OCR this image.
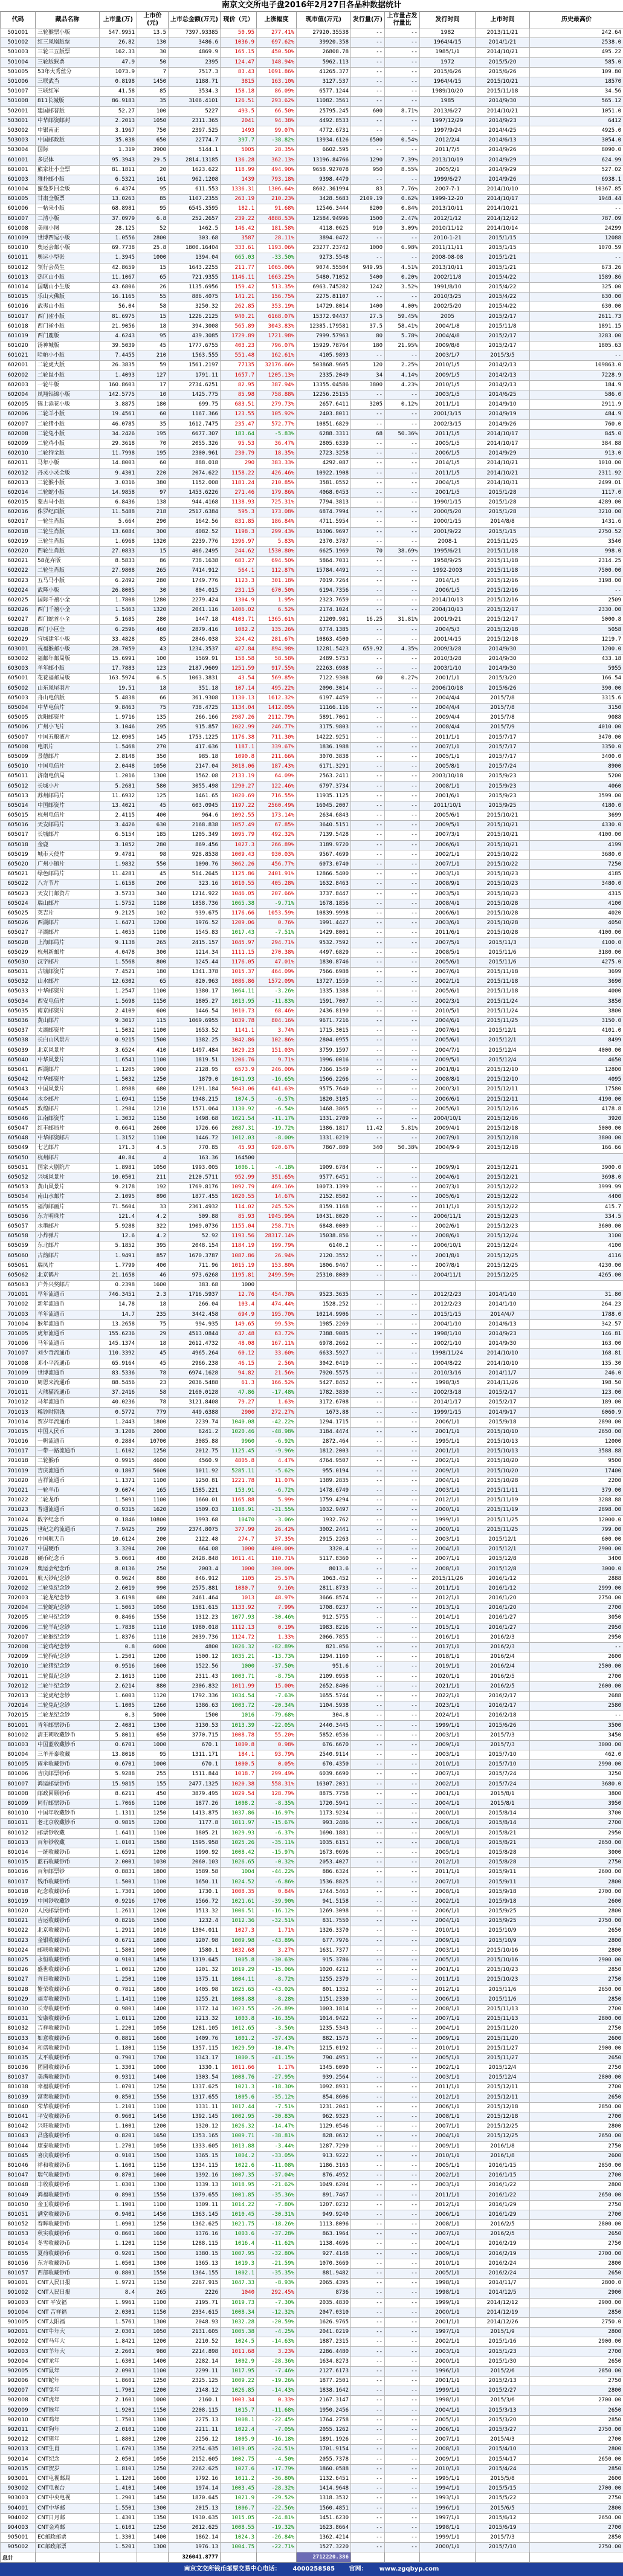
南京文交所电子盘2016年2月27日各品种数据统计
代码	藏品名称	上市量(万)	上市价(元)	上市总金额(万元)	现价（元）	上涨幅度	现市值(万元)	发行量(万)	上市量占发行量比	发行时间	上市时间	历史最高价
501001	三轮猴票小版	547.9951	13.5	7397.93385	50.95	277.41%	27920.35538	--	--	1982	2013/11/21	242.64
501002	红三凤凰版票	26.82	130	3486.6	1036.9	697.62%	39920.358	--	--	1964/4/15	2014/1/21	2538.0
501003	三轮三五版票	162.33	30	4869.9	165.15	450.50%	26808.78	--	--	1985/1/1	2014/10/21	495.22
501004	三轮版猴票	47.9	50	2395	124.47	148.94%	5962.113	--	--	1972	2015/5/20	585.0
501005	53年大秀丝分	1073.9	7	7517.3	83.43	1091.86%	41265.377	--	--	2015/6/26	2015/6/26	109.80
501006	三联武当	0.8198	1450	1188.71	3815	163.10%	3127.537	--	--	1964/4/15	2015/10/21	18570
501007	三联红军	41.58	85	3534.3	158.18	86.09%	6577.1244	--	--	1989/10/20	2015/11/18	34.56
501008	811长城版	86.9183	35	3106.4101	126.51	293.62%	11082.3561	--	--	1985	2014/9/30	565.12
502001	建国邮普版	52.27	100	5227	493.5	66.50%	25795.245	600	8.71%	2013/6/27	2014/10/21	1051.0
503001	中华邮资邮封	2.2013	1050	2311.365	2041	94.38%	4492.8533	--	--	1997/12/29	2014/9/23	6412
503002	中银南正	3.1967	750	2397.525	1493	99.07%	4772.6731	--	--	1997/9/24	2014/4/25	4925.0
503003	中国邮政版	35.038	650	22774.7	397.7	-38.82%	13934.6126	6500	0.54%	2012/2/4	2014/6/13	3054.0
503004	国际	1.319	3900	5144.1	5005	28.35%	6602.595	--	--	2011/7/5	2014/9/26	8090.0
601001	多层体	95.3943	29.5	2814.13185	136.28	362.13%	13196.84766	1290	7.39%	2013/10/19	2014/9/29	624.99
601001	熊家壮小全票	81.1811	20	1623.622	118.99	494.90%	9658.927078	950	8.55%	2005/2/1	2014/9/29	527.02
601003	雅扑邮小版	6.5321	161	962.1208	1439	793.18%	9398.4479	--	--	1999/6/27	2014/9/26	6938.1
601004	蜜曼罗回全版	6.4374	95	611.553	1336.31	1306.64%	8602.361994	83	7.76%	2007-7-1	2014/10/10	10367.85
601005	甘肃全版票	13.0263	85	1107.2355	263.19	210.23%	3428.5683	2109.19	0.62%	1999-12-20	2014/10/17	1948.44
601006	一帖来小版	68.8981	95	6545.3595	182.1	91.68%	12546.3444	8200	0.84%	2013/10/11	2014/10/21	--
601007	二清小版	37.0979	6.8	252.2657	239.22	4888.53%	12584.94996	1500	2.47%	2012/1/12	2014/12/12	787.09
601008	美丽小图	28.125	52	1462.5	146.42	181.58%	4118.0625	910	3.09%	2010/11/12	2014/10/14	24299
601009	世博四逗小版	1.0556	2800	303.68	3587	28.11%	3894.0472	--	--	2010-1-21	2015/1/15	12088
601010	奥运会邮小版	69.7738	25.8	1800.16404	333.61	1193.06%	23277.23742	1000	6.98%	2011/11/11	2015/1/15	1070.59
601011	奥运小型张	1.3945	1000	1394.04	665.03	-33.50%	9273.5548	--	--	2008-08-08	2015/1/21	--
601012	领行会员生	42.8659	15	1643.2255	211.77	1065.06%	9074.55504	949.95	4.51%	2013/10/11	2015/1/21	673.26
601013	热区山小版	11.1067	65	721.9355	1146.11	1663.25%	5480.71052	5400	0.20%	2002/11/8	2015/4/22	1589.86
601014	国曙山小生版	43.6806	26	1135.6956	159.42	513.35%	6963.745282	1242	3.52%	1991/8/10	2015/4/22	325.00
601015	乐山大佛版	16.1165	55	886.4075	141.21	156.75%	2275.81107	--	--	2010/3/25	2015/4/22	630.00
601016	武夷山小版	56.04	58	3250.32	262.85	353.19%	14729.8014	1400	4.00%	2002/5/20	2015/4/22	630.00
601017	西门雀小版	81.6975	15	1226.2125	940.21	6168.07%	15372.94437	27.5	59.45%	2005	2015/2/17	2611.73
601018	西门雀小版	21.9056	18	394.3008	565.89	3043.83%	12385.179581	37.5	58.41%	2004/1/8	2015/11/8	1891.15
601019	西门鹿版	4.6243	95	439.3085	1729.89	1721.98%	7999.57963	80	5.78%	2004/4/8	2015/2/17	3283.00
601020	汤神城版	39.5039	45	1777.6755	403.23	796.07%	15929.78764	180	21.95%	2009/8/8	2015/2/17	1805.63
601021	哈帕小小版	7.4455	210	1563.555	551.48	162.61%	4105.9893	--	--	2003/1/7	2015/3/5	--
602001	二轮虎大版	26.3835	59	1561.2197	77135	32176.66%	503868.9605	120	2.25%	2010/1/5	2014/2/13	109863.0
602002	二轮鼠小版	1.4093	127	1791.11	1657.7	1205.13%	2335.2049	34	4.14%	2009/1/5	2014/2/13	7228.9
602003	一轮牛版	160.8603	17	2734.6251	82.95	387.94%	13355.04586	3800	4.23%	2010/1/5	2014/2/13	184.9
602004	凤翔铝锦小版	142.5775	10	1425.775	85.98	758.88%	12256.25155	--	--	2003/1/5	2014/6/25	586.0
602005	锦上添花小版	3.8875	180	699.75	683.51	279.73%	2657.6411	3205	0.12%	2011/1/1	2014/9/10	2911.9
602006	二轮羊小版	19.4561	60	1167.366	123.55	105.92%	2403.8011	--	--	2001/3/15	2014/9/19	484.9
602007	二轮猪小版	46.0785	35	1612.7475	235.47	572.77%	10851.6829	--	--	2002/3/15	2014/9/26	760.0
602008	二轮兔小版	34.2426	195	6677.307	183.64	-5.83%	6288.3311	68	50.36%	2011/1/5	2014/10/17	845.0
602009	二轮鸡小版	29.3618	70	2055.326	95.53	36.47%	2805.6339	--	--	2005/1/5	2014/10/17	384.88
602010	二轮狗全版	11.7998	195	2300.961	230.79	18.35%	2723.3258	--	--	2006/1/5	2014/9/29	913.0
602011	马年小版	14.8003	60	888.018	290	383.33%	4292.087	--	--	2014/1/5	2014/10/21	1010.00
602012	丹灵小灵全版	9.4301	220	2074.622	1158.22	426.46%	10922.1908	--	--	2011/1/5	2014/10/21	2311.92
602013	二轮猴小版	3.0316	380	1152.008	1181.24	210.85%	3581.0552	--	--	2004/1/5	2014/10/31	2499.01
602014	二轮蛇小版	14.9858	97	1453.6226	271.46	179.86%	4068.0453	--	--	2001/1/5	2015/1/28	1117.0
602015	蒙古马小版	6.8436	138	944.4168	1138.93	725.31%	7794.3813	--	--	1990/1/15	2015/1/28	4289.00
602016	侏罗纪面版	11.5488	218	2517.6384	595.3	173.08%	6874.7994	--	--	2000/5/20	2015/1/28	3210.00
602017	一轮生肖版	5.664	290	1642.56	831.85	186.84%	4711.5954	--	--	2000/1/15	2014/8/8	1431.6
602018	二轮生肖版	13.6084	300	4082.52	1198.3	299.43%	16306.9697	--	--	2001/9/22	2015/1/15	2750.52
602019	三轮生肖版	1.6968	1320	2239.776	1396.97	5.83%	2370.3787	--	--	2008-1	2015/11/25	3540
602020	四轮生肖版	27.0833	15	406.2495	244.62	1530.80%	6625.1969	70	38.69%	1995/6/21	2015/11/18	998.0
602021	58花卉版	8.5833	86	738.1638	683.27	694.50%	5864.7031	--	--	1958/9/25	2015/11/18	2314.25
602022	二轮生肖版	27.9808	265	7414.912	564.1	112.87%	15784.4491	--	--	1992-2003	2015/11/18	7500.00
602023	五马马小版	6.2492	280	1749.776	1123.3	301.18%	7019.7264	--	--	2014/1/5	2015/12/16	3198.00
602024	武隆小版	26.8005	30	804.015	231.15	670.50%	6194.7356	--	--	2006/1/5	2015/12/16	--
602025	国际千禧小全	1.7808	1280	2279.424	1304.9	1.95%	2323.7659	--	--	2014/10/13	2015/12/16	2509
602026	西门千禧小全	1.5463	1320	2041.116	1406.02	6.52%	2174.1024	--	--	2004/10/13	2015/12/17	2330.00
602027	西门蛇首小全	5.1685	280	1447.18	4103.71	1365.61%	21209.981	16.25	31.81%	2001/9/21	2015/12/17	5000.8
602028	西门小巨全	6.2596	460	2879.416	1082.2	135.26%	6774.1385	--	--	2004/5/3	2015/12/18	5058
602029	宜城建年小版	33.4828	85	2846.038	324.42	281.67%	10863.4500	--	--	2001/4/15	2015/12/18	1219.7
603001	祝福猴邮小版	28.7059	43	1234.3537	427.84	894.98%	12281.5423	659.92	4.35%	2009/3/28	2014/9/30	1200.0
603002	福邮年邮局版	15.6991	100	1569.91	158.58	58.58%	2489.5753	--	--	2010/3/28	2014/9/30	433.18
603003	羊年邮小版	17.7883	123	2187.9609	1251.59	917.55%	22263.6988	--	--	2003/1/10	2014/9/30	5955
605001	花花福邮局版	163.5974	6.5	1063.3831	43.54	569.85%	7122.9308	60	0.27%	2001/1/1	2015/3/20	166.54
605002	山东凤尾羽片	19.51	18	351.18	107.14	495.22%	2090.3014	--	--	2006/10/18	2015/6/26	390.00
605003	舟山电信版	5.4838	66	361.9308	1130.13	1612.32%	6197.4459	--	--	2004/4/4	2015/7/8	3315.6
605004	中华电信片	9.8463	75	738.4725	1134.04	1412.05%	11166.116	--	--	2004/4/4	2015/7/8	3150
605005	沈阳邮资片	1.9716	135	266.166	2987.26	2112.79%	5891.7061	--	--	2009/4/4	2015/7/8	9088
605006	广州小飞片	3.1046	295	915.857	1022.99	246.77%	3175.9803	--	--	2008/4/4	2015/7/9	4010.00
605007	中国五粮液片	12.0905	145	1753.1225	1176.38	711.30%	14222.9251	--	--	2011/1/1	2015/7/17	3470.00
605008	电讯片	1.5468	270	417.636	1187.1	339.67%	1836.1988	--	--	2007/1/1	2015/7/17	3350.0
605009	景德邮片	2.8148	350	985.18	1090.8	211.66%	3070.3838	--	--	2005/1/1	2015/7/17	3400.0
605010	中国电信片	2.0448	1050	2147.04	3018.06	187.43%	6171.3291	--	--	2005/8/1	2015/7/24	8900
605011	济南电信局	1.2016	1300	1562.08	2133.19	64.09%	2563.2411	--	--	2003/10/18	2015/9/23	5200
605012	长城小片	5.2681	580	3055.498	1290.27	122.46%	6797.3734	--	--	2008/1/1	2015/9/23	4060
605013	苏州邮局片	11.6932	125	1461.65	1020.69	716.55%	11935.1125	--	--	2001/6/1	2015/9/23	3599.00
605014	中国邮资片	13.4021	45	603.0945	1197.22	2560.49%	16045.2007	--	--	2011/10/1	2015/9/25	4180.0
605015	杭州电信片	2.4115	400	964.6	1092.55	173.14%	2634.6843	--	--	2005/6/1	2015/10/21	3699
605016	天安邮局片	3.4426	630	2168.838	1057.49	67.85%	3640.5151	--	--	2009/5/1	2015/10/21	4330.0
605017	长城邮片	6.5154	185	1205.349	1095.79	492.32%	7139.5428	--	--	2007/3/1	2015/10/21	4100.00
605018	金鹿	3.1052	280	869.456	1027.3	266.89%	3189.9720	--	--	2006/6/1	2015/10/21	4199
605019	城市天使片	9.4781	98	928.8538	1009.43	930.03%	9567.4699	--	--	2002/1/1	2015/10/22	3680.0
605020	广州小镇片	1.9832	550	1090.76	3062.26	456.77%	6073.0740	--	--	2007/1/1	2015/10/22	7250
605021	绿色邮局片	11.4281	45	514.2645	1125.86	2401.91%	12866.5400	--	--	2003/1/1	2015/10/23	4185
605022	八方节片	1.6158	200	323.16	1010.55	405.28%	1632.8463	--	--	2008/9/1	2015/10/23	3480.0
605023	天安门邮资片	3.5733	340	1214.922	1046.05	207.66%	3737.8447	--	--	2003/5/1	2015/10/23	4315
605024	瑞山邮片	1.5752	1180	1858.736	1065.38	-9.71%	1678.1856	--	--	2008/4/1	2015/10/28	4100
605025	英吉片	9.2125	102	939.675	1176.66	1053.59%	10839.9998	--	--	2006/6/1	2015/10/28	4020
605026	西湖邮片	1.6471	1200	1976.52	1209.06	0.76%	1991.4427	--	--	2003/6/1	2015/10/28	4050
605027	平湖邮片	1.4053	1100	1545.83	1017.43	-7.51%	1429.8001	--	--	2011/6/1	2015/10/28	4100.00
605028	上海邮局片	9.1138	265	2415.157	1045.97	294.71%	9532.7592	--	--	2007/5/1	2015/11/3	4100.0
605029	杭州新邮片	4.0478	300	1214.34	1111.15	270.38%	4497.6829	--	--	2008/5/1	2015/11/6	3180.00
605030	汉字邮片	1.5568	800	1245.44	1176.05	47.01%	1830.8746	--	--	2005/6/1	2015/11/6	4275.0
605031	古城邮资片	7.4521	180	1341.378	1015.37	464.09%	7566.6988	--	--	2007/6/1	2015/11/18	3699
605032	山水邮片	12.6302	65	820.963	1086.86	1572.09%	13727.1559	--	--	2002/1/1	2015/11/18	3690
605033	中华邮资片	1.2547	1100	1380.17	1064.11	-3.26%	1335.1388	--	--	2005/6/1	2015/11/18	4000
605034	西安电信片	1.5698	1150	1805.27	1013.95	-11.83%	1591.7007	--	--	2002/3/1	2015/11/24	3850
605035	南京邮资片	2.4109	600	1446.54	1010.73	68.46%	2436.8190	--	--	2010/5/1	2015/11/24	3800
605036	黄山邮片	9.3017	115	1069.6955	1039.78	804.16%	9671.7216	--	--	2004/6/1	2015/11/25	3150.0
605037	太湖邮资片	1.5032	1100	1653.52	1141.1	3.74%	1715.3015	--	--	2007/6/1	2015/12/1	4101.0
605038	长白山风景片	0.9215	1500	1382.25	3042.86	102.86%	2804.0955	--	--	2005/6/1	2015/12/1	8499
605039	北京风景片	3.6524	410	1497.484	1029.23	151.03%	3759.1597	--	--	2004/7/1	2015/12/4	4000.00
605040	中华风景片	1.6541	1100	1819.51	1206.76	9.71%	1996.0016	--	--	2009/5/1	2015/12/4	4650
605041	西湖邮片	1.1205	1900	2128.95	6573.9	246.00%	7366.1549	--	--	2001/8/1	2015/12/10	12800
605042	中华邮资片	1.5032	1250	1879.0	1041.93	-16.65%	1566.2266	--	--	2008/8/1	2015/12/10	4095
605043	中国风景片	1.8988	680	1291.184	5043.06	641.63%	9575.7640	--	--	2000/3/1	2015/12/11	17580
605044	水乡邮片	1.6941	1150	1948.215	1074.5	-6.57%	1820.3105	--	--	2006/6/1	2015/12/11	4190.00
605045	敦煌邮片	1.2984	1210	1571.064	1130.92	-6.54%	1468.3865	--	--	2005/6/1	2015/12/16	4178.8
605046	江南邮资片	1.3032	1150	1498.68	1021.54	-11.17%	1331.2709	--	--	2004/10/1	2015/12/16	3920
605047	红丰邮局片	0.6641	2600	1726.66	2087.31	-19.72%	1386.1817	11.42	5.81%	2009/4/1	2015/12/18	5000.00
605048	中华邮资邮片	1.3152	1100	1446.72	1012.03	-8.00%	1331.0219	--	--	2007/9/1	2015/12/18	3800.00
605049	七艺邮片	171.3	4.5	770.85	45.93	920.67%	7867.809	340	50.38%	2004/9-9	2015/12/18	166.66
605050	杭州邮片	40.84	4	163.36	164500							
605051	国家大剧院片	1.8981	1050	1993.005	1006.1	-4.18%	1909.6784	--	--	2009/9/1	2015/12/21	3900.0
605052	兴城风景片	10.0501	211	2120.5711	952.99	351.65%	9577.6451	--	--	2004/6/1	2015/12/21	3698.0
605053	黄山风景片	9.2178	192	1769.8176	1092.79	469.16%	10073.1399	--	--	2007/3/1	2015/12/22	3999.99
605054	南山水邮片	2.1095	890	1877.455	1020.55	14.67%	2152.8502	--	--	2005/6/1	2015/12/22	4400
605055	福海邮画片	71.5604	33	2361.4932	114.02	245.52%	8159.1168	--	--	2011/1/1	2015/12/22	415.7
605056	东方明珠片	121.4	4.2	509.88	85.93	1945.95%	10431.8020	--	--	2006/11/1	2015/12/23	334.5
605057	水墨邮片	5.9288	322	1909.0736	1155.04	258.71%	6848.0009	--	--	2002/6/1	2015/12/23	3600.00
605058	小炸弹片	12.6	4.2	52.92	1193.56	28317.14%	15038.856	--	--	2008/6/1	2015/12/24	3100
605059	东北邮片	5.1852	395	2048.154	1184.19	199.79%	6140.2	--	--	2006/10/1	2015/12/24	4100
605060	古韵邮片	1.9491	857	1670.3787	1087.86	26.94%	2120.3552	--	--	2001/8/1	2015/12/25	4116
605061	瑞凤片	1.7799	400	711.96	1015.19	153.80%	1806.9467	--	--	2007/8/1	2015/12/25	4230.00
605062	北京鹤片	21.1658	46	973.6268	1195.81	2499.59%	25310.8089	--	--	2004/11/1	2015/12/25	4265.00
605063	户外兴奖邮片	0.2398	1600	383.68	1000							
701001	早年流通币	746.3451	2.3	1716.5937	12.76	454.78%	9523.3635	--	--	2012/2/23	2014/1/10	31.80
701002	新年流通币	14.78	18	266.04	103.4	474.44%	1528.252	--	--	2012/2/23	2014/1/10	264.23
701003	羊年流通币	14.7	235	3442.458	694.9	195.70%	10214.9906	--	--	2015/1/15	2014/4/7	1788.0
701004	猴年流通币	13.2658	75	994.935	149.65	99.53%	1985.2269	--	--	2004/1/10	2014/6/13	342.57
701005	虎年流通币	155.6236	29	4513.0844	47.48	63.72%	7388.9085	--	--	1998/1/10	2014/9/23	146.81
701006	马年流通币	145.1374	18	2612.4732	48.08	167.11%	6978.2662	--	--	2002/1/10	2014/9/30	163.00
701007	刘少奇流通币	110.3392	45	4965.264	60.12	33.60%	6633.5927	--	--	1998/11/24	2014/10/10	168.81
701008	邓小平流通币	65.9164	45	2966.238	46.15	2.56%	3042.0419	--	--	2004/8/22	2014/10/10	135.30
701009	世博流通币	83.5336	78	6974.1628	94.82	21.56%	7920.5575	--	--	2010/3/16	2014/11/7	246.0
701010	周恩来流通币	88.5456	23	2036.5488	61.3	166.52%	5427.8452	--	--	1998/3/5	2014/11/26	198.50
701011	大熊猫流通币	37.2416	58	2160.0128	47.86	-17.48%	1782.3830	--	--	2002/3/18	2015/2/17	123.00
701012	马年流通币	40.0236	78	3121.8408	79.27	1.63%	3172.6708	--	--	2014/1/17	2015/2/17	189.00
701013	稀钞时期钱	0.5772	779	449.6388	2900	272.27%	1673.88	--	--	1999/1/15	2014/9/17	6060.9
701014	贺岁年流通币	1.2443	1800	2239.74	1040.08	-42.22%	1294.1715	--	--	2006/1/1	2015/9/18	2890.00
701015	中国人民币	3.1206	2000	6241.2	1020.46	-48.98%	3184.4474	--	--	2001/1/1	2015/10/10	2650.00
701016	一帆流通币	0.2884	10700	3085.88	9960	-6.92%	2872.464	--	--	1995/1/1	2015/10/13	12000
701017	一带一路流通币	1.6102	1250	2012.75	1125.45	-9.96%	1812.2003	--	--	2001/1/1	2015/10/13	3588.88
701018	二轮猴币	0.9915	4600	4560.9	4805.8	4.47%	4764.9507	--	--	2002/1/1	2015/10/20	9500
701019	吉庆流通币	0.1807	5600	1011.92	5285.11	-5.62%	955.0194	--	--	2009/1/1	2015/10/20	17400
701020	吉祥流通币	1.1371	1100	1250.81	1221.78	11.07%	1389.2835	--	--	2004/1/1	2015/10/28	2200
701021	一轮羊币	9.6074	165	1585.221	153.91	-6.72%	1478.6749	--	--	2003/1/1	2015/11/11	379.00
701022	二轮龙币	1.5091	1100	1660.01	1165.88	5.99%	1759.4294	--	--	2012/1/1	2015/11/19	3288.88
701023	普通流通币	0.9315	1620	1509.03	1108.91	-31.55%	1032.9497	--	--	2000/1/1	2015/11/19	2898.00
701024	数字纪念币	0.1846	10800	1993.68	10470	-3.06%	1932.762	--	--	1999/1/1	2015/11/25	12000.0
701025	世纪之约流通币	7.9425	299	2374.8075	377.99	26.42%	3002.2441	--	--	2000/1/1	2015/11/25	799.00
701026	中国航天币	10.6124	200	2122.48	274.7	37.35%	2915.2263	--	--	2003/1/1	2015/12/1	600.00
701027	中国硬币	3.3204	200	664.08	1000	400.00%	3320.4	--	--	2004/1/1	2015/12/1	2900.00
701028	硬币纪念币	5.0601	480	2428.848	1011.41	110.71%	5117.8360	--	--	2007/1/1	2015/12/8	3400
701029	奥运会纪念币	8.0136	250	2003.4	1000	300.00%	8013.6	--	--	2008/1/1	2015/12/8	3000.0
702001	航天钞纪念钞	0.9624	880	846.912	1105	25.57%	1063.452	--	--	2015/11/26	2016/1/12	2888
702002	二轮兔纪念钞	2.6019	990	2575.881	1080.7	9.16%	2811.8733	--	--	2011/1/1	2016/1/12	2999.00
702003	二轮龙纪念钞	3.6198	680	2461.464	1013	48.97%	3666.8574	--	--	2012/1/1	2016/1/20	2750.00
702004	二轮蛇纪念钞	1.5063	1050	1581.615	1133.92	7.99%	1708.0237	--	--	2013/1/1	2016/1/20	2700
702005	二轮马纪念钞	0.8466	1550	1312.23	1077.93	-30.46%	912.5755	--	--	2014/1/1	2016/1/27	3050
702006	二轮羊纪念钞	1.7838	1110	1980.018	1112.13	0.19%	1983.8216	--	--	2015/1/1	2016/1/27	2950
702007	二轮猴纪念钞	1.8376	1110	2039.736	1124.72	1.33%	2066.7855	--	--	2016/1/1	2016/2/3	2950
702008	二轮鸡纪念钞	0.8	6000	4800	1026.32	-82.89%	821.056	--	--	2017/1/1	2016/2/3	--
702009	二轮狗纪念钞	1.2501	1200	1500.12	1035.21	-13.73%	1294.1160	--	--	2018/1/1	2016/2/4	2600
702010	二轮猪纪念钞	0.9516	1600	1522.56	1000	-37.50%	951.6	--	--	2019/1/1	2016/2/4	2500.00
702011	二轮鼠纪念钞	2.1013	1100	2311.43	1003.71	-8.75%	2109.0958	--	--	2020/1/1	2016/2/5	2700
702012	二轮牛纪念钞	2.6214	880	2306.832	1011.99	15.00%	2652.8406	--	--	2021/1/1	2016/2/5	2600.00
702013	二轮虎纪念钞	1.6003	1120	1792.336	1034.54	-7.63%	1655.5744	--	--	2022/1/1	2016/2/17	2688
702014	二轮兔纪念钞	1.1005	1260	1386.63	1003.72	-20.34%	1104.5938	--	--	2023/1/1	2016/2/17	2580
702015	二轮龙纪念钞	0.3	5000	1500	1016	-79.68%	304.8	--	--	2024/1/1	2016/2/18	--
801001	青年邮票钞币	2.4081	1300	3130.53	1013.39	-22.05%	2440.3445	--	--	1999/1/1	2015/6/26	3500
801002	清王朝收藏钞币	5.8011	650	3770.715	1008.78	55.20%	5852.0536	--	--	2003/1/1	2015/7/3	3450
801003	中国蓝收藏钞币	0.6701	1000	670.1	1009.8	0.98%	676.6670	--	--	2009/1/1	2015/7/3	3000.00
801004	三羊开泰收藏	13.8018	95	1311.171	184.1	93.79%	2540.9114	--	--	2003/1/1	2015/7/10	462.0
801005	雨伞收藏钞币	0.6701	1000	670.1	1000.5	0.05%	670.4350	--	--	2010/1/1	2015/7/10	2990.00
801006	吉庆邮票钞币	5.9288	255	1511.844	1018.7	299.49%	6039.6690	--	--	2007/1/1	2015/7/24	3250
801007	鸿运邮票钞币	15.9815	155	2477.1325	1020.38	558.31%	16307.2031	--	--	2002/1/1	2015/7/24	3680.0
801008	邮政回顾钞币	8.6211	450	3879.495	1029.54	128.79%	8875.7758	--	--	2001/1/1	2015/8/1	3800
801009	同行邮票钞币	1.7066	1100	1877.26	1008.2	-8.35%	1720.5941	--	--	2004/1/1	2015/8/1	3950
801010	中国年收藏钞币	1.1311	1250	1413.875	1037.86	-16.97%	1173.9234	--	--	2000/1/1	2015/8/14	3700
801011	老北京收藏钞币	0.9815	1200	1177.8	1011.97	-15.67%	993.2486	--	--	2006/1/1	2015/8/14	2700
801012	邮票钞收藏	1.6411	1100	1805.21	1029.93	-6.37%	1690.1881	--	--	2009/1/1	2015/8/21	2950
801013	百年钞收藏	1.0101	1580	1595.958	1025.26	-35.11%	1035.6151	--	--	2008/1/1	2015/8/21	2650.00
801014	一统收藏钞币	1.6591	1200	1990.92	1008.42	-15.97%	1673.0696	--	--	2005/1/1	2015/8/28	3000
801015	蓝石收藏钞币	2.0001	1030	2060.103	1026.65	-0.32%	2053.4027	--	--	2012/1/1	2015/8/28	2750
801016	百年邮票钞	0.8831	1800	1589.58	1004	-44.22%	886.6324	--	--	2011/1/1	2015/9/11	2600.00
801017	钱币收藏钞币	1.5001	1100	1650.11	1024.52	-6.86%	1536.8825	--	--	2007/1/1	2015/9/11	2800
801018	纪念收藏钞币	1.7301	1000	1730.1	1008.35	0.84%	1744.5463	--	--	2008/1/1	2015/9/18	2700.00
801019	中国钞收藏钞	0.9216	1700	1566.72	1021.61	-39.90%	941.5158	--	--	2002/1/1	2015/9/18	2600
801020	人民邮票钞币	1.2611	1200	1513.32	1006.51	-16.12%	1269.3098	--	--	2006/1/1	2015/9/25	2800
801021	吉运收藏钞币	0.8216	1500	1232.4	1012.36	-32.51%	831.7550	--	--	2004/1/1	2015/9/25	2750.00
801022	北京收藏钞币	1.2911	1010	1304.011	1027.3	1.71%	1326.3370	--	--	2010/1/1	2015/10/9	2650
801023	金银收藏钞币	0.6711	1800	1207.98	1009.98	-43.89%	677.7976	--	--	2009/1/1	2015/10/9	2800
801024	邮联收藏钞币	1.5801	1000	1580.1	1032.68	3.27%	1631.7377	--	--	2003/1/1	2015/10/16	2800
801025	永恒收藏钞币	0.9101	1450	1319.645	1005.8	-30.63%	915.3786	--	--	2005/1/1	2015/10/16	2900.00
801026	盛世收藏钞币	1.0011	1200	1201.32	1019.29	-15.06%	1020.4212	--	--	2001/1/1	2015/10/23	2850
801027	首日收藏钞币	1.2501	1100	1375.11	1004.11	-8.72%	1255.2379	--	--	2011/1/1	2015/10/23	2750
801028	繁荣收藏钞币	0.7811	1800	1405.98	1025.65	-43.02%	801.1352	--	--	2012/1/1	2015/11/6	2650.00
801029	福寿收藏钞币	1.1411	1100	1255.21	1008.88	-8.28%	1151.2330	--	--	2006/1/1	2015/11/6	2850
801030	长寿收藏钞币	0.9801	1400	1372.14	1023.55	-26.89%	1003.1814	--	--	2008/1/1	2015/11/13	2700
801031	安康收藏钞币	1.0111	1200	1213.32	1003.8	-16.35%	1014.9422	--	--	2007/1/1	2015/11/13	2800.00
801032	吉祥收藏钞币	1.2201	1050	1281.105	1012.65	-3.56%	1235.5343	--	--	2004/1/1	2015/11/20	2750
801033	如意收藏钞币	0.8811	1600	1409.76	1001.2	-37.43%	882.1573	--	--	2009/1/1	2015/11/20	2600
801034	和谐收藏钞币	1.1801	1150	1357.115	1029.59	-10.47%	1215.0192	--	--	2010/1/1	2015/11/27	2900.00
801035	太平收藏钞币	0.7901	1700	1343.17	1000.5	-41.15%	790.4951	--	--	2005/1/1	2015/11/27	2650
801036	团圆收藏钞币	1.3301	1000	1330.1	1011.66	1.17%	1345.6090	--	--	2002/1/1	2015/12/4	2750
801037	美满收藏钞币	0.9311	1400	1303.54	1008.76	-27.95%	939.2564	--	--	2003/1/1	2015/12/4	2800.00
801038	幸福收藏钞币	1.0701	1250	1337.625	1021.3	-18.30%	1092.8931	--	--	2011/1/1	2015/12/11	2700
801039	富贵收藏钞币	0.8501	1550	1317.655	1005.6	-35.12%	854.8606	--	--	2012/1/1	2015/12/11	2650
801040	荣华收藏钞币	1.2101	1100	1331.11	1017.44	-7.51%	1231.2041	--	--	2006/1/1	2015/12/18	2850.00
801041	平安收藏钞币	0.9601	1450	1392.145	1002.95	-30.83%	962.9323	--	--	2008/1/1	2015/12/18	2700
801042	兴旺收藏钞币	1.1001	1200	1320.12	1026.32	-14.47%	1129.0546	--	--	2007/1/1	2015/12/25	2800
801043	昌盛收藏钞币	0.8201	1650	1353.165	1009.71	-38.81%	828.0632	--	--	2004/1/1	2015/12/25	2650.00
801044	康泰收藏钞币	1.2701	1050	1333.605	1013.88	-3.44%	1287.7290	--	--	2009/1/1	2016/1/8	2750
801045	喜庆收藏钞币	0.9101	1500	1365.15	1004.2	-33.05%	913.9222	--	--	2010/1/1	2016/1/8	2600
801046	祥和收藏钞币	1.1601	1150	1334.115	1022.6	-11.08%	1186.3163	--	--	2005/1/1	2016/1/15	2850.00
801047	瑞气收藏钞币	0.8701	1600	1392.16	1007.35	-37.04%	876.4952	--	--	2002/1/1	2016/1/15	2700
801048	丰收收藏钞币	1.0301	1300	1339.13	1018.95	-21.62%	1049.6204	--	--	2003/1/1	2016/1/22	2800
801049	鸿福收藏钞币	0.8901	1550	1379.655	1001.85	-35.36%	891.7467	--	--	2011/1/1	2016/1/22	2650.00
801050	金玉收藏钞币	1.1901	1100	1309.11	1014.22	-7.80%	1207.0232	--	--	2012/1/1	2016/1/29	2750
801051	满堂收藏钞币	0.9401	1450	1363.145	1010.45	-30.31%	949.9240	--	--	2006/1/1	2016/1/29	2700
801052	春晖收藏钞币	1.0901	1250	1362.625	1021.75	-18.26%	1113.8096	--	--	2008/1/1	2016/2/5	2800.00
801053	秋实收藏钞币	0.8601	1600	1376.16	1003.6	-37.28%	863.1964	--	--	2007/1/1	2016/2/5	2650
801054	冬雪收藏钞币	1.1201	1150	1288.115	1016.4	-11.62%	1138.4696	--	--	2004/1/1	2016/2/19	2750
801055	夏荷收藏钞币	0.9201	1500	1380.15	1007.95	-32.80%	927.4148	--	--	2009/1/1	2016/2/19	2700.00
801056	东方收藏钞币	1.0501	1300	1365.13	1019.3	-21.59%	1070.3669	--	--	2010/1/1	2016/2/24	2800
801057	西部收藏钞币	0.8801	1550	1364.155	1002.1	-35.35%	881.9482	--	--	2005/1/1	2016/2/24	2650
901001	CNT人民日报	1.9721	1150	2267.915	1047.33	-8.93%	2065.4395	--	--	1998/1/1	2014/11/7	2800.0
901002	CNT人民日报	8.4	265	2226	1040	292.45%	8736	--	--	1998/1/1	2014/12/5	2900
901003	CNT 平安福	1.9961	1100	2195.71	1019.73	-7.30%	2035.4830	--	--	1999/1/1	2014/12/12	2900.00
901004	CNT 吉祥福	2.0301	1150	2334.615	1008.34	-12.32%	2047.0310	--	--	2000/1/1	2014/12/19	2850
901005	CNT太阳福	1.5761	1300	2048.93	1032.28	-20.59%	1626.9765	--	--	2001/1/1	2014/12/26	2750.0
902001	CNT牛年大	2.0301	1050	2131.605	1005.38	-4.25%	2041.0219	--	--	1997/1/1	2015/1/9	2800
902002	CNT马年大	1.8421	1200	2210.52	1024.5	-14.63%	1887.2315	--	--	2002/1/1	2015/1/16	2900.00
902003	CNT羊年大	2.2601	980	2214.898	1011.68	3.23%	2286.4480	--	--	2003/1/1	2015/1/23	2700
902004	CNT龙年	1.6301	1400	2282.14	1002.9	-28.36%	1634.8273	--	--	2000/1/1	2015/1/30	2650
902005	CNT鼠年	2.0901	1100	2299.11	1017.95	-7.46%	2127.6173	--	--	1996/1/1	2015/2/6	2850.00
902006	CNT蛇年	1.8601	1250	2325.125	1009.22	-19.26%	1877.2501	--	--	2001/1/1	2015/2/13	2750
902007	CNT兔年	1.7901	1200	2148.12	1026.85	-14.43%	1838.1642	--	--	1999/1/1	2015/2/27	2800
902008	CNT虎年	2.1601	1000	2160.1	1003.34	0.33%	2167.3147	--	--	1998/1/1	2015/3/6	2700.00
902009	CNT猴年	1.9201	1150	2208.115	1015.7	-11.68%	1950.2456	--	--	2004/1/1	2015/3/13	2650
902010	CNT鸡年	1.7501	1300	2275.13	1008.1	-22.45%	1764.2758	--	--	2005/1/1	2015/3/20	2850
902011	CNT狗年	2.0101	1100	2211.11	1022.4	-7.05%	2055.1262	--	--	2006/1/1	2015/3/27	2750.00
902012	CNT猪年	1.8801	1200	2256.12	1005.9	-16.18%	1891.1926	--	--	2007/1/1	2015/4/3	2700
902013	CNT生肖	1.6701	1350	2254.635	1019.05	-24.51%	1701.9154	--	--	2008/1/1	2015/4/10	2800
902014	CNT纪念	2.0501	1050	2152.605	1002.75	-4.50%	2055.7378	--	--	2009/1/1	2015/4/17	2650.00
902015	CNT贺岁	1.8101	1250	2262.625	1027.6	-17.79%	1860.0588	--	--	2010/1/1	2015/4/24	2850
903001	CNT电视邮局	1.1201	1600	1792.16	1011.2	-36.80%	1132.6451	--	--	1995/1/1	2015/5/8	2600
903002	CNT电视台	1.4101	1400	1974.14	1003.45	-28.32%	1414.9648	--	--	1994/1/1	2015/5/15	2700.00
903003	CNT中央电视	1.2901	1450	1870.645	1021.9	-29.52%	1318.3532	--	--	1993/1/1	2015/5/22	2750
904001	CNT中华邮	1.5501	1300	2015.13	1006.7	-22.56%	1560.4851	--	--	1996/1/1	2015/6/5	2800
904002	CNT日月邮	1.4301	1350	1930.635	1015.05	-24.81%	1451.6230	--	--	1997/1/1	2015/6/12	2650.00
904003	CNT金鸡邮	1.6101	1250	2012.625	1008.55	-19.32%	1623.8664	--	--	1998/1/1	2015/6/19	2700
905001	EC邮政邮票	1.3301	1400	1862.14	1024.3	-26.84%	1362.4214	--	--	1999/1/1	2015/7/3	2850
905002	EC邮政邮票	1.5201	1300	1976.13	1004.75	-22.71%	1527.3220	--	--	2000/1/1	2015/7/10	2750.00
总计				326041.8777			2712220.386					
南京文交所钱币邮票交易中心电话： 4000258585 官网： www.zgqbyp.com
